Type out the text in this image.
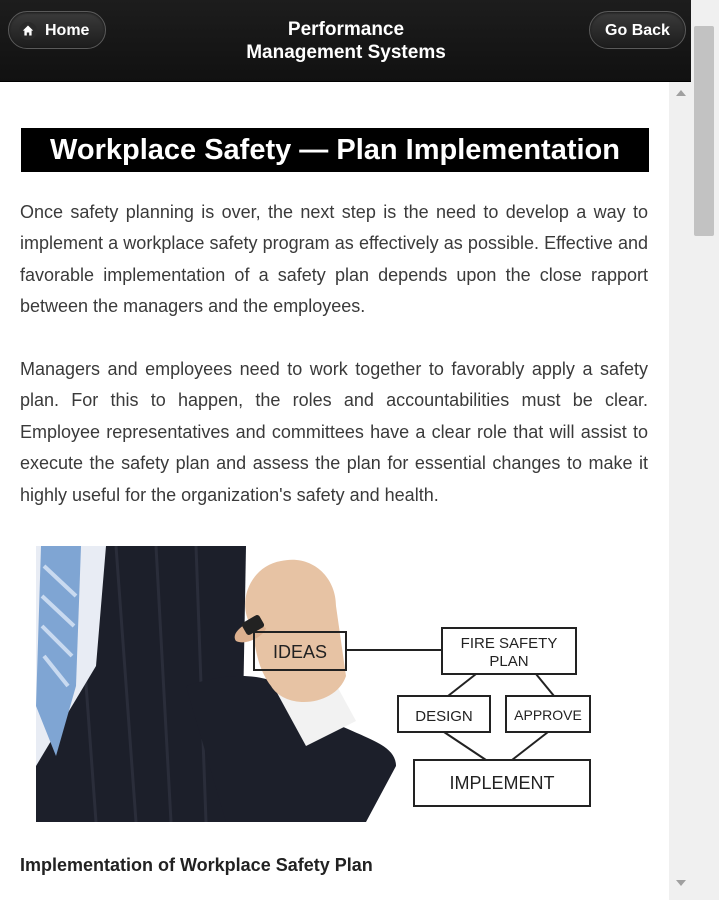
Home	Performance
Management Systems
Go Back
Workplace Safety — Plan Implementation

Once safety planning is over, the next step is the need to develop a way to implement a workplace safety program as effectively as possible. Effective and favorable implementation of a safety plan depends upon the close rapport between the managers and the employees.

Managers and employees need to work together to favorably apply a safety plan. For this to happen, the roles and accountabilities must be clear. Employee representatives and committees have a clear role that will assist to execute the safety plan and assess the plan for essential changes to make it highly useful for the organization's safety and health.

IDEAS	FIRE SAFETY
PLAN
DESIGN	APPROVE
IMPLEMENT
Implementation of Workplace Safety Plan
